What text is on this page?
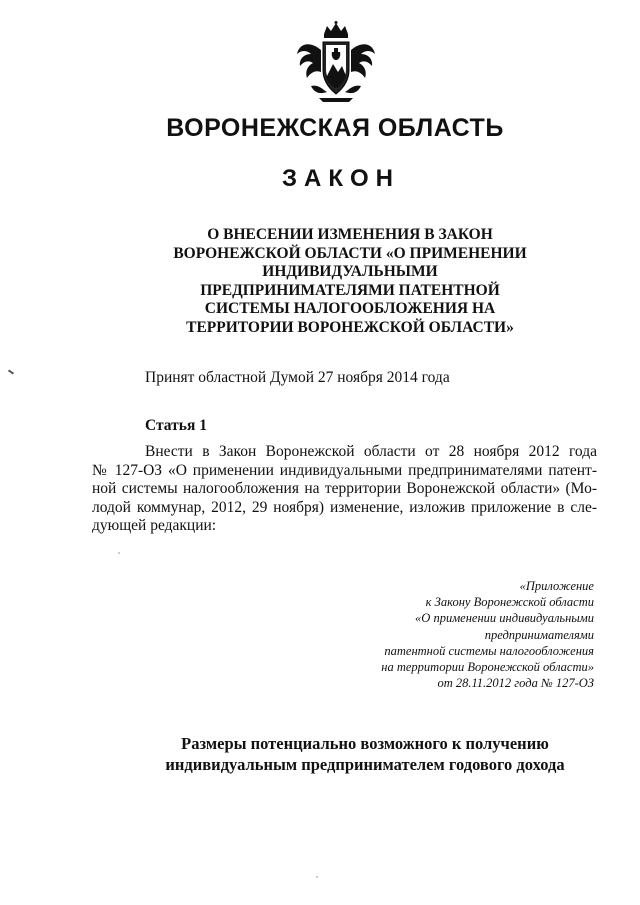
ВОРОНЕЖСКАЯ ОБЛАСТЬ
ЗАКОН
О ВНЕСЕНИИ ИЗМЕНЕНИЯ В ЗАКОН
ВОРОНЕЖСКОЙ ОБЛАСТИ «О ПРИМЕНЕНИИ
ИНДИВИДУАЛЬНЫМИ
ПРЕДПРИНИМАТЕЛЯМИ ПАТЕНТНОЙ
СИСТЕМЫ НАЛОГООБЛОЖЕНИЯ НА
ТЕРРИТОРИИ ВОРОНЕЖСКОЙ ОБЛАСТИ»
Принят областной Думой 27 ноября 2014 года
Статья 1
Внести в Закон Воронежской области от 28 ноября 2012 года
№ 127-ОЗ «О применении индивидуальными предпринимателями патент-
ной системы налогообложения на территории Воронежской области» (Мо-
лодой коммунар, 2012, 29 ноября) изменение, изложив приложение в сле-
дующей редакции:
«Приложение
к Закону Воронежской области
«О применении индивидуальными
предпринимателями
патентной системы налогообложения
на территории Воронежской области»
от 28.11.2012 года № 127-ОЗ
Размеры потенциально возможного к получению
индивидуальным предпринимателем годового дохода
